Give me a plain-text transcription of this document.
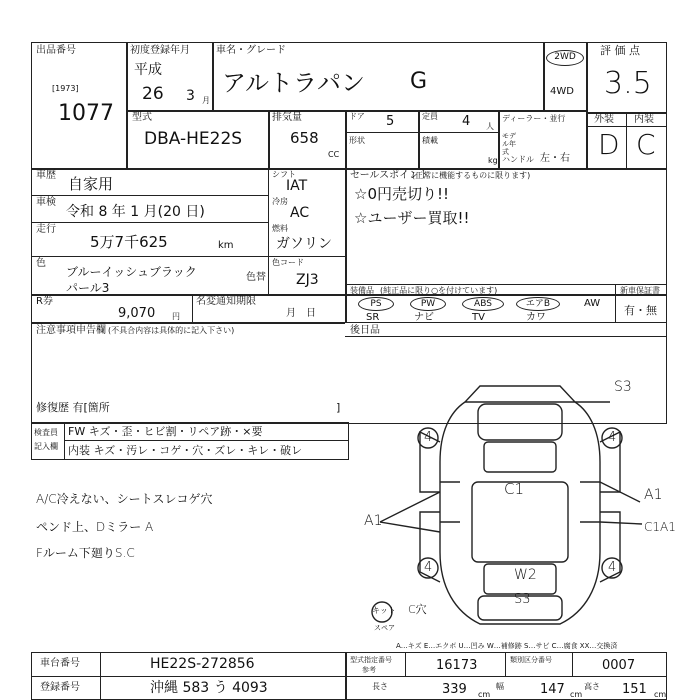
出品番号
[1973]
1077
初度登録年月
平成
26 3 月
車名・グレード
アルトラパン G
2WD
4WD
評 価 点
3.5
型式
DBA-HE22S
排気量
658
CC
ドア 5	定員 4 人
形状	積載
kg
ディーラー・並行
モデル年式
ハンドル 左・右
外装 内装
D C
車歴 自家用
車検
令和 8 年 1 月(20 日)
走行
5万7千625	km
色
ブルーイッシュブラックパール3
色替
R券
9,070 円
名変通知期限
月　日
シフト
IAT
冷房
AC
燃料
ガソリン
色コード
ZJ3
セールスポイント
(正常に機能するものに限ります)
☆0円売切り!!
☆ユーザー買取!!
装備品 (純正品に限り○を付けています)	新車保証書
有・無
PS	PW	ABS	エアB	AW
SR	ナビ	TV	カワ
後日品
注意事項申告欄 (不具合内容は具体的に記入下さい)
修復歴 有[箇所	]
検査員
記入欄
FW キズ・歪・ヒビ割・リペア跡・×要
内装 キズ・汚レ・コゲ・穴・ズレ・キレ・破レ
A/C冷えない、シートスレコゲ穴
ペンド上、Dミラー A
Fルーム下廻りS.C
4	4
4	4
S3
A1
C1A1
A1
C1
W2
S3
キット C穴
スペア
A…キズ E…エクボ U…凹み W…補修跡 S…サビ C…腐食 XX…交換済
車台番号	HE22S-272856
登録番号	沖縄 583 う 4093
型式指定番号
参考	16173	類別区分番号	0007
長さ	339 cm
幅	147 cm
高さ 151 cm
